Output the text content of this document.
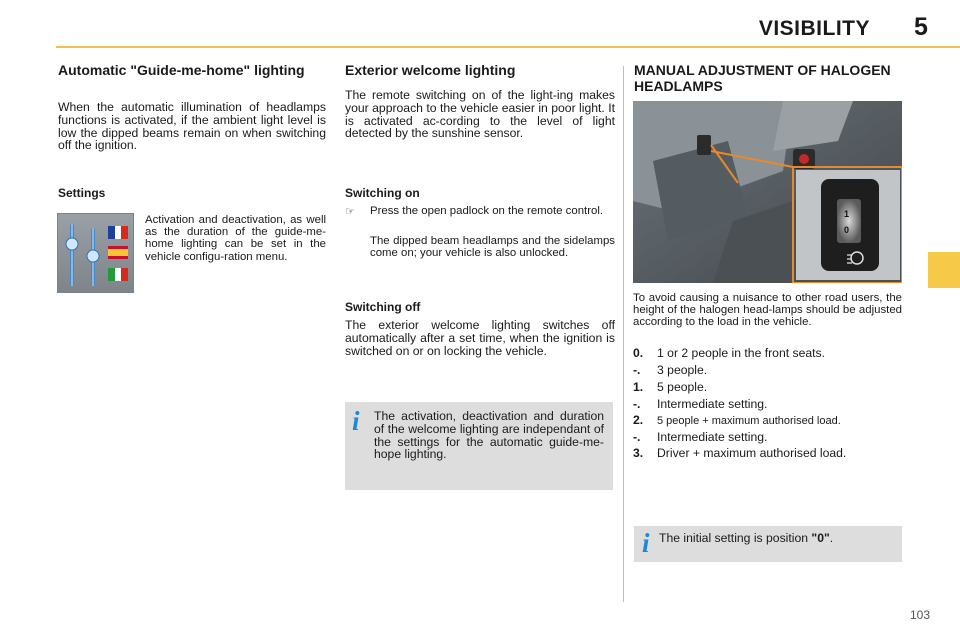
VISIBILITY	5
Automatic "Guide-me-home" lighting
When the automatic illumination of headlamps functions is activated, if the ambient light level is low the dipped beams remain on when switching off the ignition.
Settings
Activation and deactivation, as well as the duration of the guide-me-home lighting can be set in the vehicle configu-ration menu.
Exterior welcome lighting
The remote switching on of the light-ing makes your approach to the vehicle easier in poor light. It is activated ac-cording to the level of light detected by the sunshine sensor.
Switching on
☞	Press the open padlock on the remote control.
The dipped beam headlamps and the sidelamps come on; your vehicle is also unlocked.
Switching off
The exterior welcome lighting switches off automatically after a set time, when the ignition is switched on or on locking the vehicle.
i The activation, deactivation and duration of the welcome lighting are independant of the settings for the automatic guide-me-hope lighting.
MANUAL ADJUSTMENT OF HALOGEN HEADLAMPS
1
0
To avoid causing a nuisance to other road users, the height of the halogen head-lamps should be adjusted according to the load in the vehicle.
0. 1 or 2 people in the front seats.
-. 3 people.
1. 5 people.
-. Intermediate setting.
2. 5 people + maximum authorised load.
-. Intermediate setting.
3. Driver + maximum authorised load.
i The initial setting is position "0".
103
